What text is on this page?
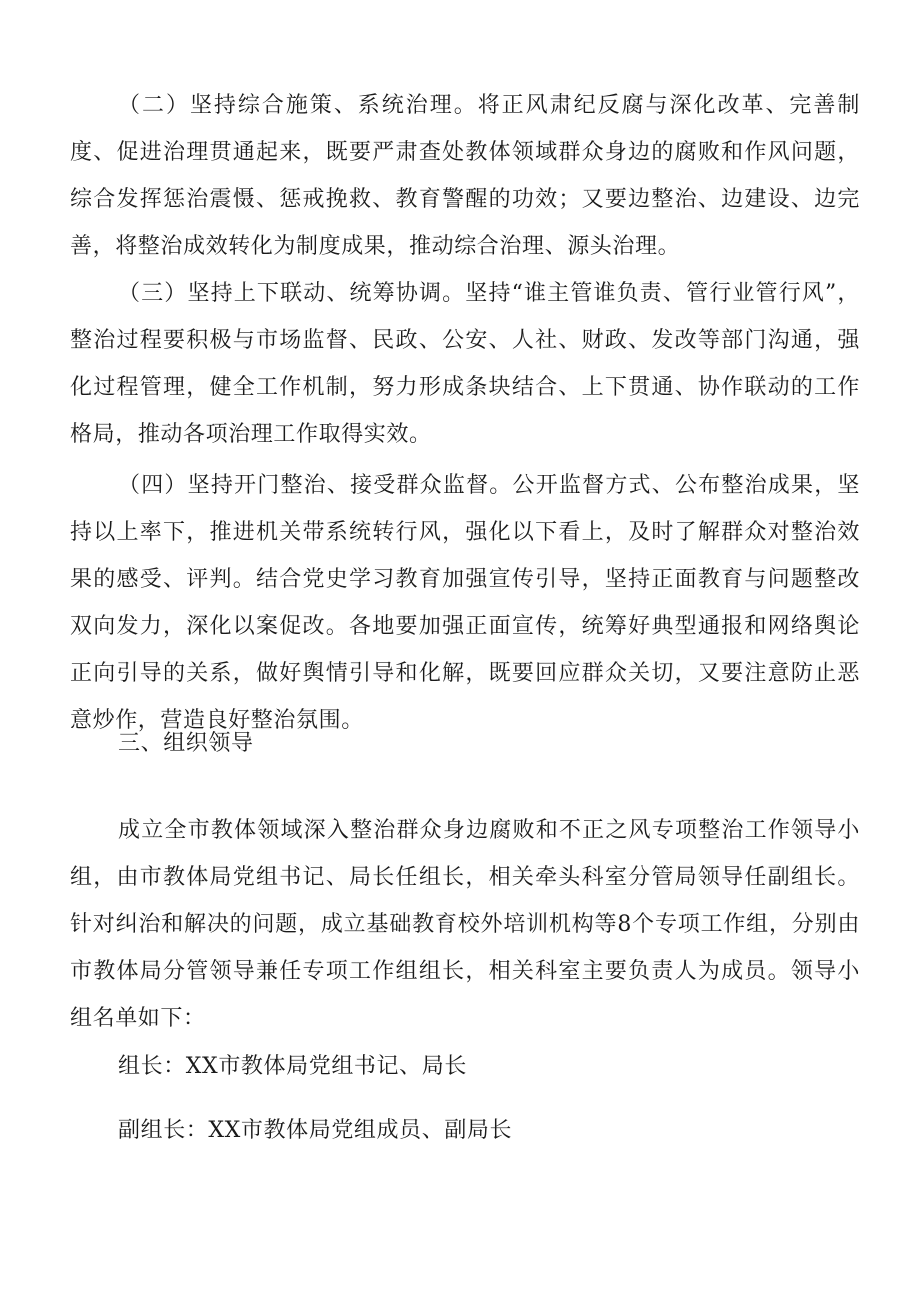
（二）坚持综合施策、系统治理。将正风肃纪反腐与深化改革、完善制度、促进治理贯通起来，既要严肃查处教体领域群众身边的腐败和作风问题，综合发挥惩治震慑、惩戒挽救、教育警醒的功效；又要边整治、边建设、边完善，将整治成效转化为制度成果，推动综合治理、源头治理。

（三）坚持上下联动、统筹协调。坚持“谁主管谁负责、管行业管行风”，整治过程要积极与市场监督、民政、公安、人社、财政、发改等部门沟通，强化过程管理，健全工作机制，努力形成条块结合、上下贯通、协作联动的工作格局，推动各项治理工作取得实效。

（四）坚持开门整治、接受群众监督。公开监督方式、公布整治成果，坚持以上率下，推进机关带系统转行风，强化以下看上，及时了解群众对整治效果的感受、评判。结合党史学习教育加强宣传引导，坚持正面教育与问题整改双向发力，深化以案促改。各地要加强正面宣传，统筹好典型通报和网络舆论正向引导的关系，做好舆情引导和化解，既要回应群众关切，又要注意防止恶意炒作，营造良好整治氛围。

三、组织领导

成立全市教体领域深入整治群众身边腐败和不正之风专项整治工作领导小组，由市教体局党组书记、局长任组长，相关牵头科室分管局领导任副组长。针对纠治和解决的问题，成立基础教育校外培训机构等8个专项工作组，分别由市教体局分管领导兼任专项工作组组长，相关科室主要负责人为成员。领导小组名单如下：

组长：XX市教体局党组书记、局长

副组长：XX市教体局党组成员、副局长
